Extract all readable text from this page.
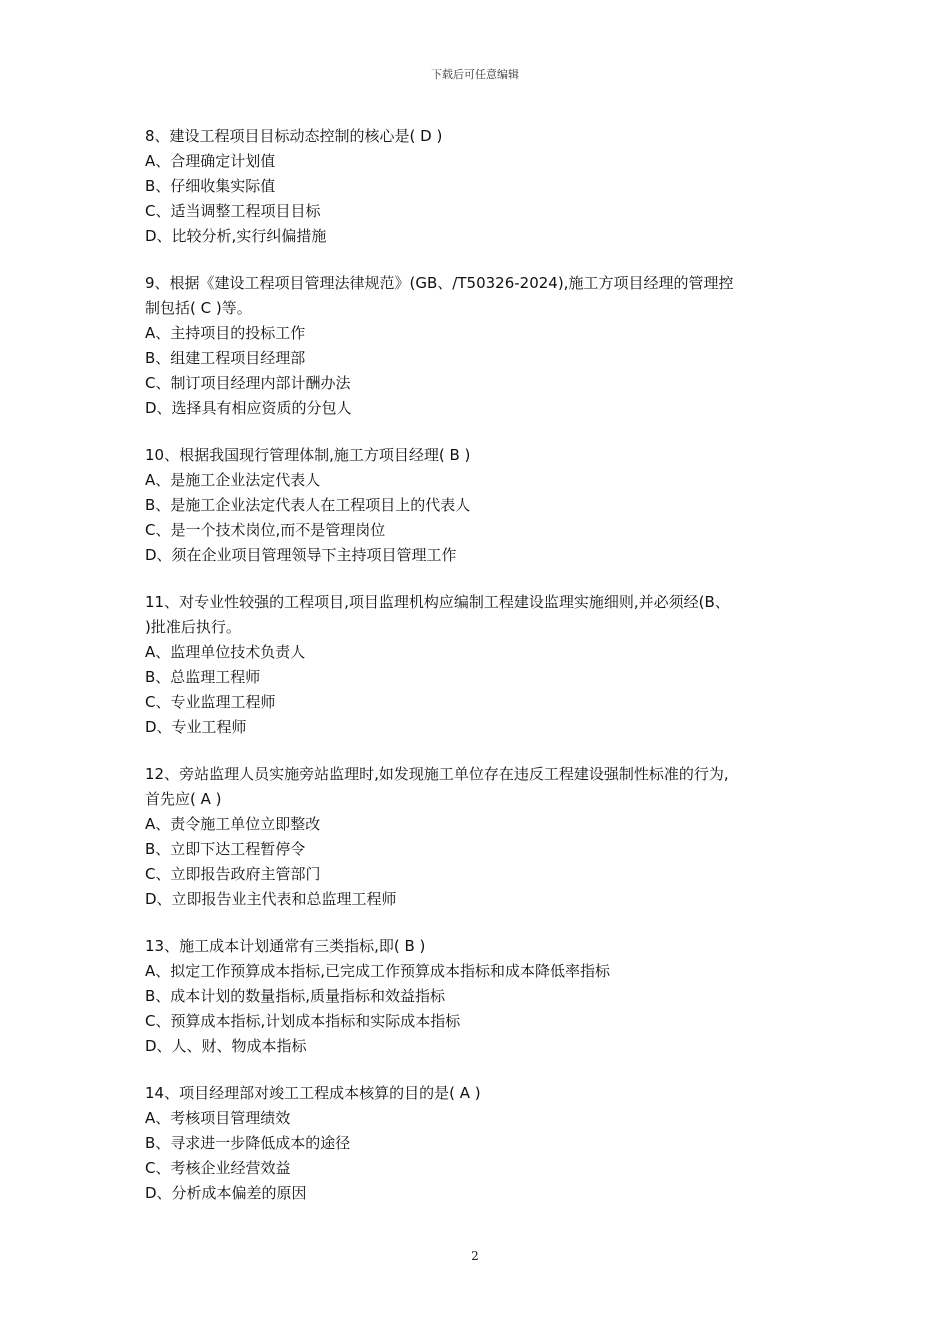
下载后可任意编辑

8、建设工程项目目标动态控制的核心是( D )

A、合理确定计划值

B、仔细收集实际值

C、适当调整工程项目目标

D、比较分析,实行纠偏措施

9、根据《建设工程项目管理法律规范》(GB、/T50326-2024),施工方项目经理的管理控

制包括( C )等。

A、主持项目的投标工作

B、组建工程项目经理部

C、制订项目经理内部计酬办法

D、选择具有相应资质的分包人

10、根据我国现行管理体制,施工方项目经理( B )

A、是施工企业法定代表人

B、是施工企业法定代表人在工程项目上的代表人

C、是一个技术岗位,而不是管理岗位

D、须在企业项目管理领导下主持项目管理工作

11、对专业性较强的工程项目,项目监理机构应编制工程建设监理实施细则,并必须经(B、

)批准后执行。

A、监理单位技术负责人

B、总监理工程师

C、专业监理工程师

D、专业工程师

12、旁站监理人员实施旁站监理时,如发现施工单位存在违反工程建设强制性标准的行为,

首先应( A )

A、责令施工单位立即整改

B、立即下达工程暂停令

C、立即报告政府主管部门

D、立即报告业主代表和总监理工程师

13、施工成本计划通常有三类指标,即( B )

A、拟定工作预算成本指标,已完成工作预算成本指标和成本降低率指标

B、成本计划的数量指标,质量指标和效益指标

C、预算成本指标,计划成本指标和实际成本指标

D、人、财、物成本指标

14、项目经理部对竣工工程成本核算的目的是( A )

A、考核项目管理绩效

B、寻求进一步降低成本的途径

C、考核企业经营效益

D、分析成本偏差的原因

2
